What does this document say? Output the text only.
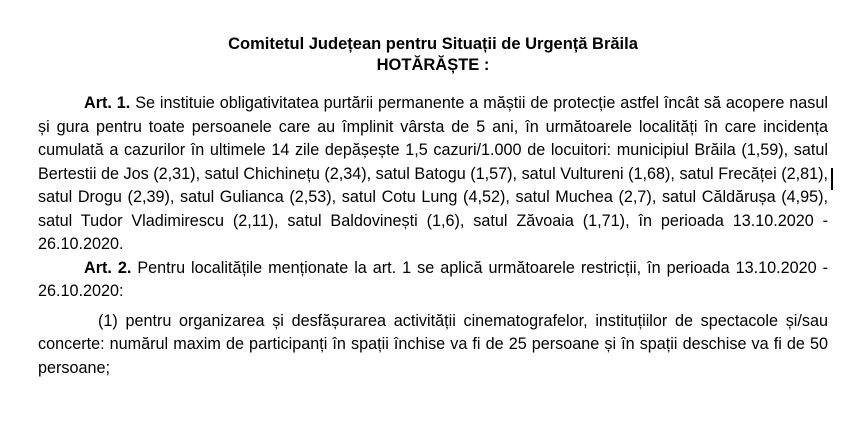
Comitetul Județean pentru Situații de Urgență Brăila
HOTĂRĂȘTE :

Art. 1. Se instituie obligativitatea purtării permanente a măștii de protecție astfel încât să acopere nasul și gura pentru toate persoanele care au împlinit vârsta de 5 ani, în următoarele localități în care incidența cumulată a cazurilor în ultimele 14 zile depășește 1,5 cazuri/1.000 de locuitori: municipiul Brăila (1,59), satul Bertestii de Jos (2,31), satul Chichinețu (2,34), satul Batogu (1,57), satul Vultureni (1,68), satul Frecăței (2,81), satul Drogu (2,39), satul Gulianca (2,53), satul Cotu Lung (4,52), satul Muchea (2,7), satul Căldărușa (4,95), satul Tudor Vladimirescu (2,11), satul Baldovinești (1,6), satul Zăvoaia (1,71), în perioada 13.10.2020 - 26.10.2020.

Art. 2. Pentru localitățile menționate la art. 1 se aplică următoarele restricții, în perioada 13.10.2020 - 26.10.2020:

(1) pentru organizarea și desfășurarea activității cinematografelor, instituțiilor de spectacole și/sau concerte: numărul maxim de participanți în spații închise va fi de 25 persoane și în spații deschise va fi de 50 persoane;
